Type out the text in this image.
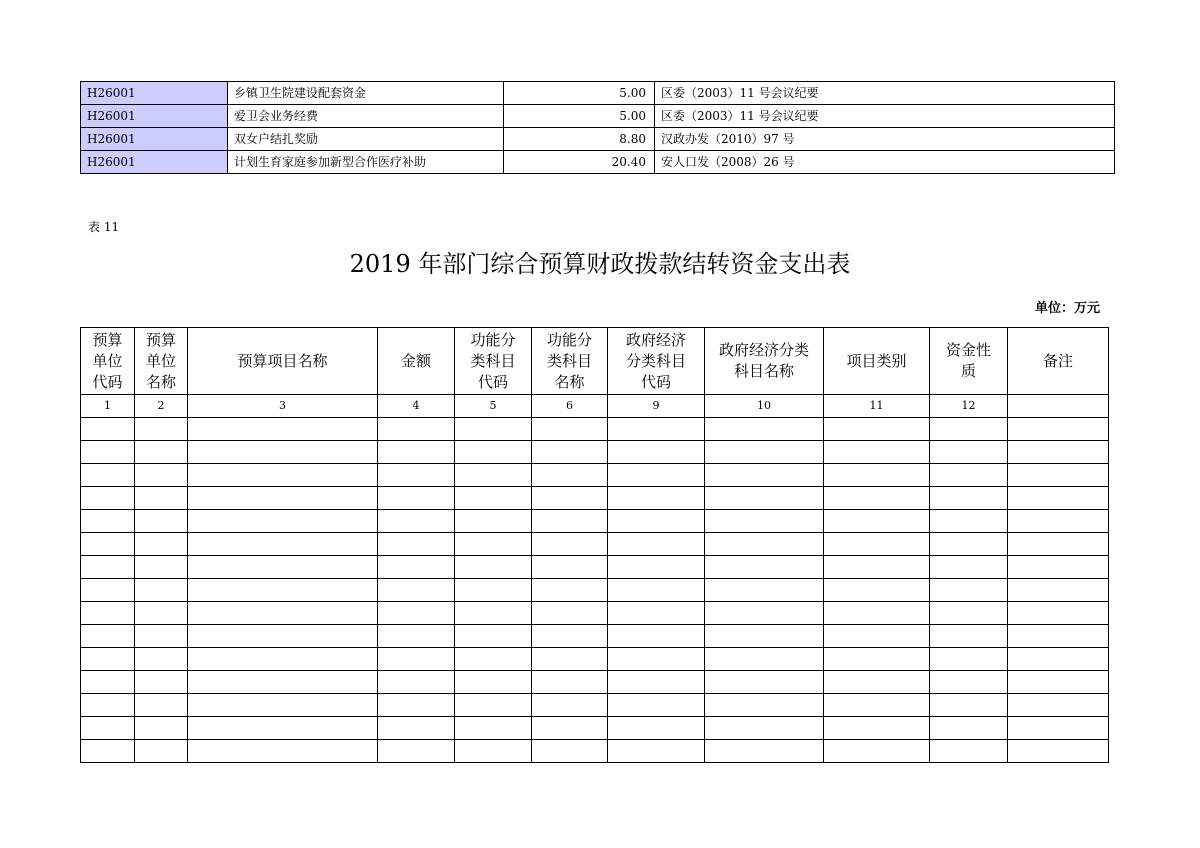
H26001	乡镇卫生院建设配套资金	5.00	区委（2003）11 号会议纪要
H26001	爱卫会业务经费	5.00	区委（2003）11 号会议纪要
H26001	双女户结扎奖励	8.80	汉政办发（2010）97 号
H26001	计划生育家庭参加新型合作医疗补助	20.40	安人口发（2008）26 号
表 11
2019 年部门综合预算财政拨款结转资金支出表
单位：万元
预算
单位
代码	预算
单位
名称	预算项目名称	金额	功能分
类科目
代码	功能分
类科目
名称	政府经济
分类科目
代码	政府经济分类
科目名称	项目类别	资金性
质	备注

1	2	3	4	5	6	9	10	11	12	
